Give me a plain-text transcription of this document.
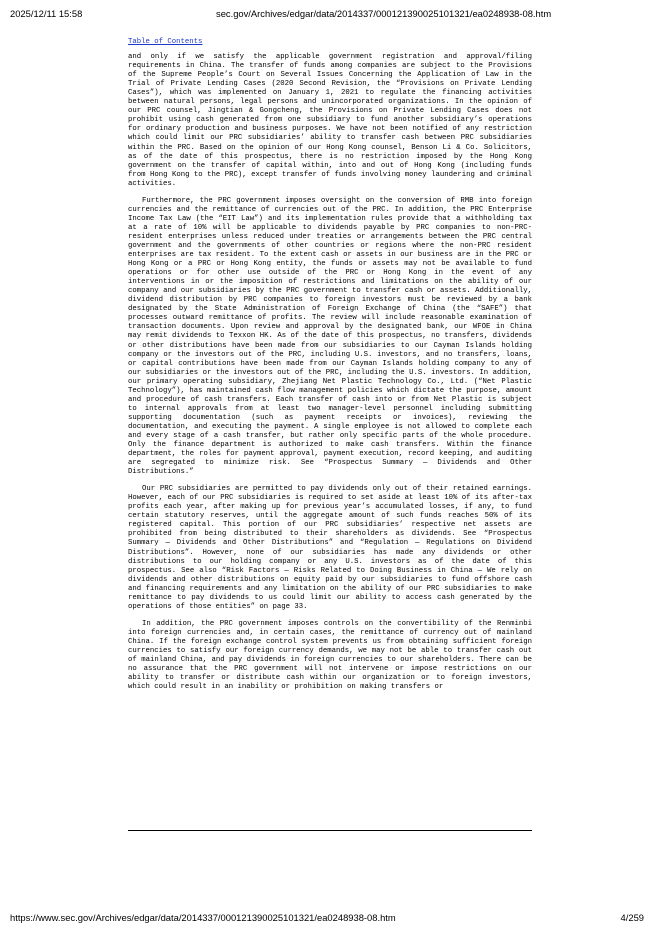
2025/12/11 15:58	sec.gov/Archives/edgar/data/2014337/000121390025101321/ea0248938-08.htm
Table of Contents

and only if we satisfy the applicable government registration and approval/filing requirements in China. The transfer of funds among companies are subject to the Provisions of the Supreme People’s Court on Several Issues Concerning the Application of Law in the Trial of Private Lending Cases (2020 Second Revision, the “Provisions on Private Lending Cases”), which was implemented on January 1, 2021 to regulate the financing activities between natural persons, legal persons and unincorporated organizations. In the opinion of our PRC counsel, Jingtian & Gongcheng, the Provisions on Private Lending Cases does not prohibit using cash generated from one subsidiary to fund another subsidiary’s operations for ordinary production and business purposes. We have not been notified of any restriction which could limit our PRC subsidiaries’ ability to transfer cash between PRC subsidiaries within the PRC. Based on the opinion of our Hong Kong counsel, Benson Li & Co. Solicitors, as of the date of this prospectus, there is no restriction imposed by the Hong Kong government on the transfer of capital within, into and out of Hong Kong (including funds from Hong Kong to the PRC), except transfer of funds involving money laundering and criminal activities.

Furthermore, the PRC government imposes oversight on the conversion of RMB into foreign currencies and the remittance of currencies out of the PRC. In addition, the PRC Enterprise Income Tax Law (the “EIT Law”) and its implementation rules provide that a withholding tax at a rate of 10% will be applicable to dividends payable by PRC companies to non-PRC-resident enterprises unless reduced under treaties or arrangements between the PRC central government and the governments of other countries or regions where the non-PRC resident enterprises are tax resident. To the extent cash or assets in our business are in the PRC or Hong Kong or a PRC or Hong Kong entity, the funds or assets may not be available to fund operations or for other use outside of the PRC or Hong Kong in the event of any interventions in or the imposition of restrictions and limitations on the ability of our company and our subsidiaries by the PRC government to transfer cash or assets. Additionally, dividend distribution by PRC companies to foreign investors must be reviewed by a bank designated by the State Administration of Foreign Exchange of China (the “SAFE”) that processes outward remittance of profits. The review will include reasonable examination of transaction documents. Upon review and approval by the designated bank, our WFOE in China may remit dividends to Texxon HK. As of the date of this prospectus, no transfers, dividends or other distributions have been made from our subsidiaries to our Cayman Islands holding company or the investors out of the PRC, including U.S. investors, and no transfers, loans, or capital contributions have been made from our Cayman Islands holding company to any of our subsidiaries or the investors out of the PRC, including the U.S. investors. In addition, our primary operating subsidiary, Zhejiang Net Plastic Technology Co., Ltd. (“Net Plastic Technology”), has maintained cash flow management policies which dictate the purpose, amount and procedure of cash transfers. Each transfer of cash into or from Net Plastic is subject to internal approvals from at least two manager-level personnel including submitting supporting documentation (such as payment receipts or invoices), reviewing the documentation, and executing the payment. A single employee is not allowed to complete each and every stage of a cash transfer, but rather only specific parts of the whole procedure. Only the finance department is authorized to make cash transfers. Within the finance department, the roles for payment approval, payment execution, record keeping, and auditing are segregated to minimize risk. See “Prospectus Summary — Dividends and Other Distributions.”

Our PRC subsidiaries are permitted to pay dividends only out of their retained earnings. However, each of our PRC subsidiaries is required to set aside at least 10% of its after-tax profits each year, after making up for previous year’s accumulated losses, if any, to fund certain statutory reserves, until the aggregate amount of such funds reaches 50% of its registered capital. This portion of our PRC subsidiaries’ respective net assets are prohibited from being distributed to their shareholders as dividends. See “Prospectus Summary — Dividends and Other Distributions” and “Regulation — Regulations on Dividend Distributions”. However, none of our subsidiaries has made any dividends or other distributions to our holding company or any U.S. investors as of the date of this prospectus. See also “Risk Factors — Risks Related to Doing Business in China — We rely on dividends and other distributions on equity paid by our subsidiaries to fund offshore cash and financing requirements and any limitation on the ability of our PRC subsidiaries to make remittance to pay dividends to us could limit our ability to access cash generated by the operations of those entities” on page 33.

In addition, the PRC government imposes controls on the convertibility of the Renminbi into foreign currencies and, in certain cases, the remittance of currency out of mainland China. If the foreign exchange control system prevents us from obtaining sufficient foreign currencies to satisfy our foreign currency demands, we may not be able to transfer cash out of mainland China, and pay dividends in foreign currencies to our shareholders. There can be no assurance that the PRC government will not intervene or impose restrictions on our ability to transfer or distribute cash within our organization or to foreign investors, which could result in an inability or prohibition on making transfers or

https://www.sec.gov/Archives/edgar/data/2014337/000121390025101321/ea0248938-08.htm	4/259
